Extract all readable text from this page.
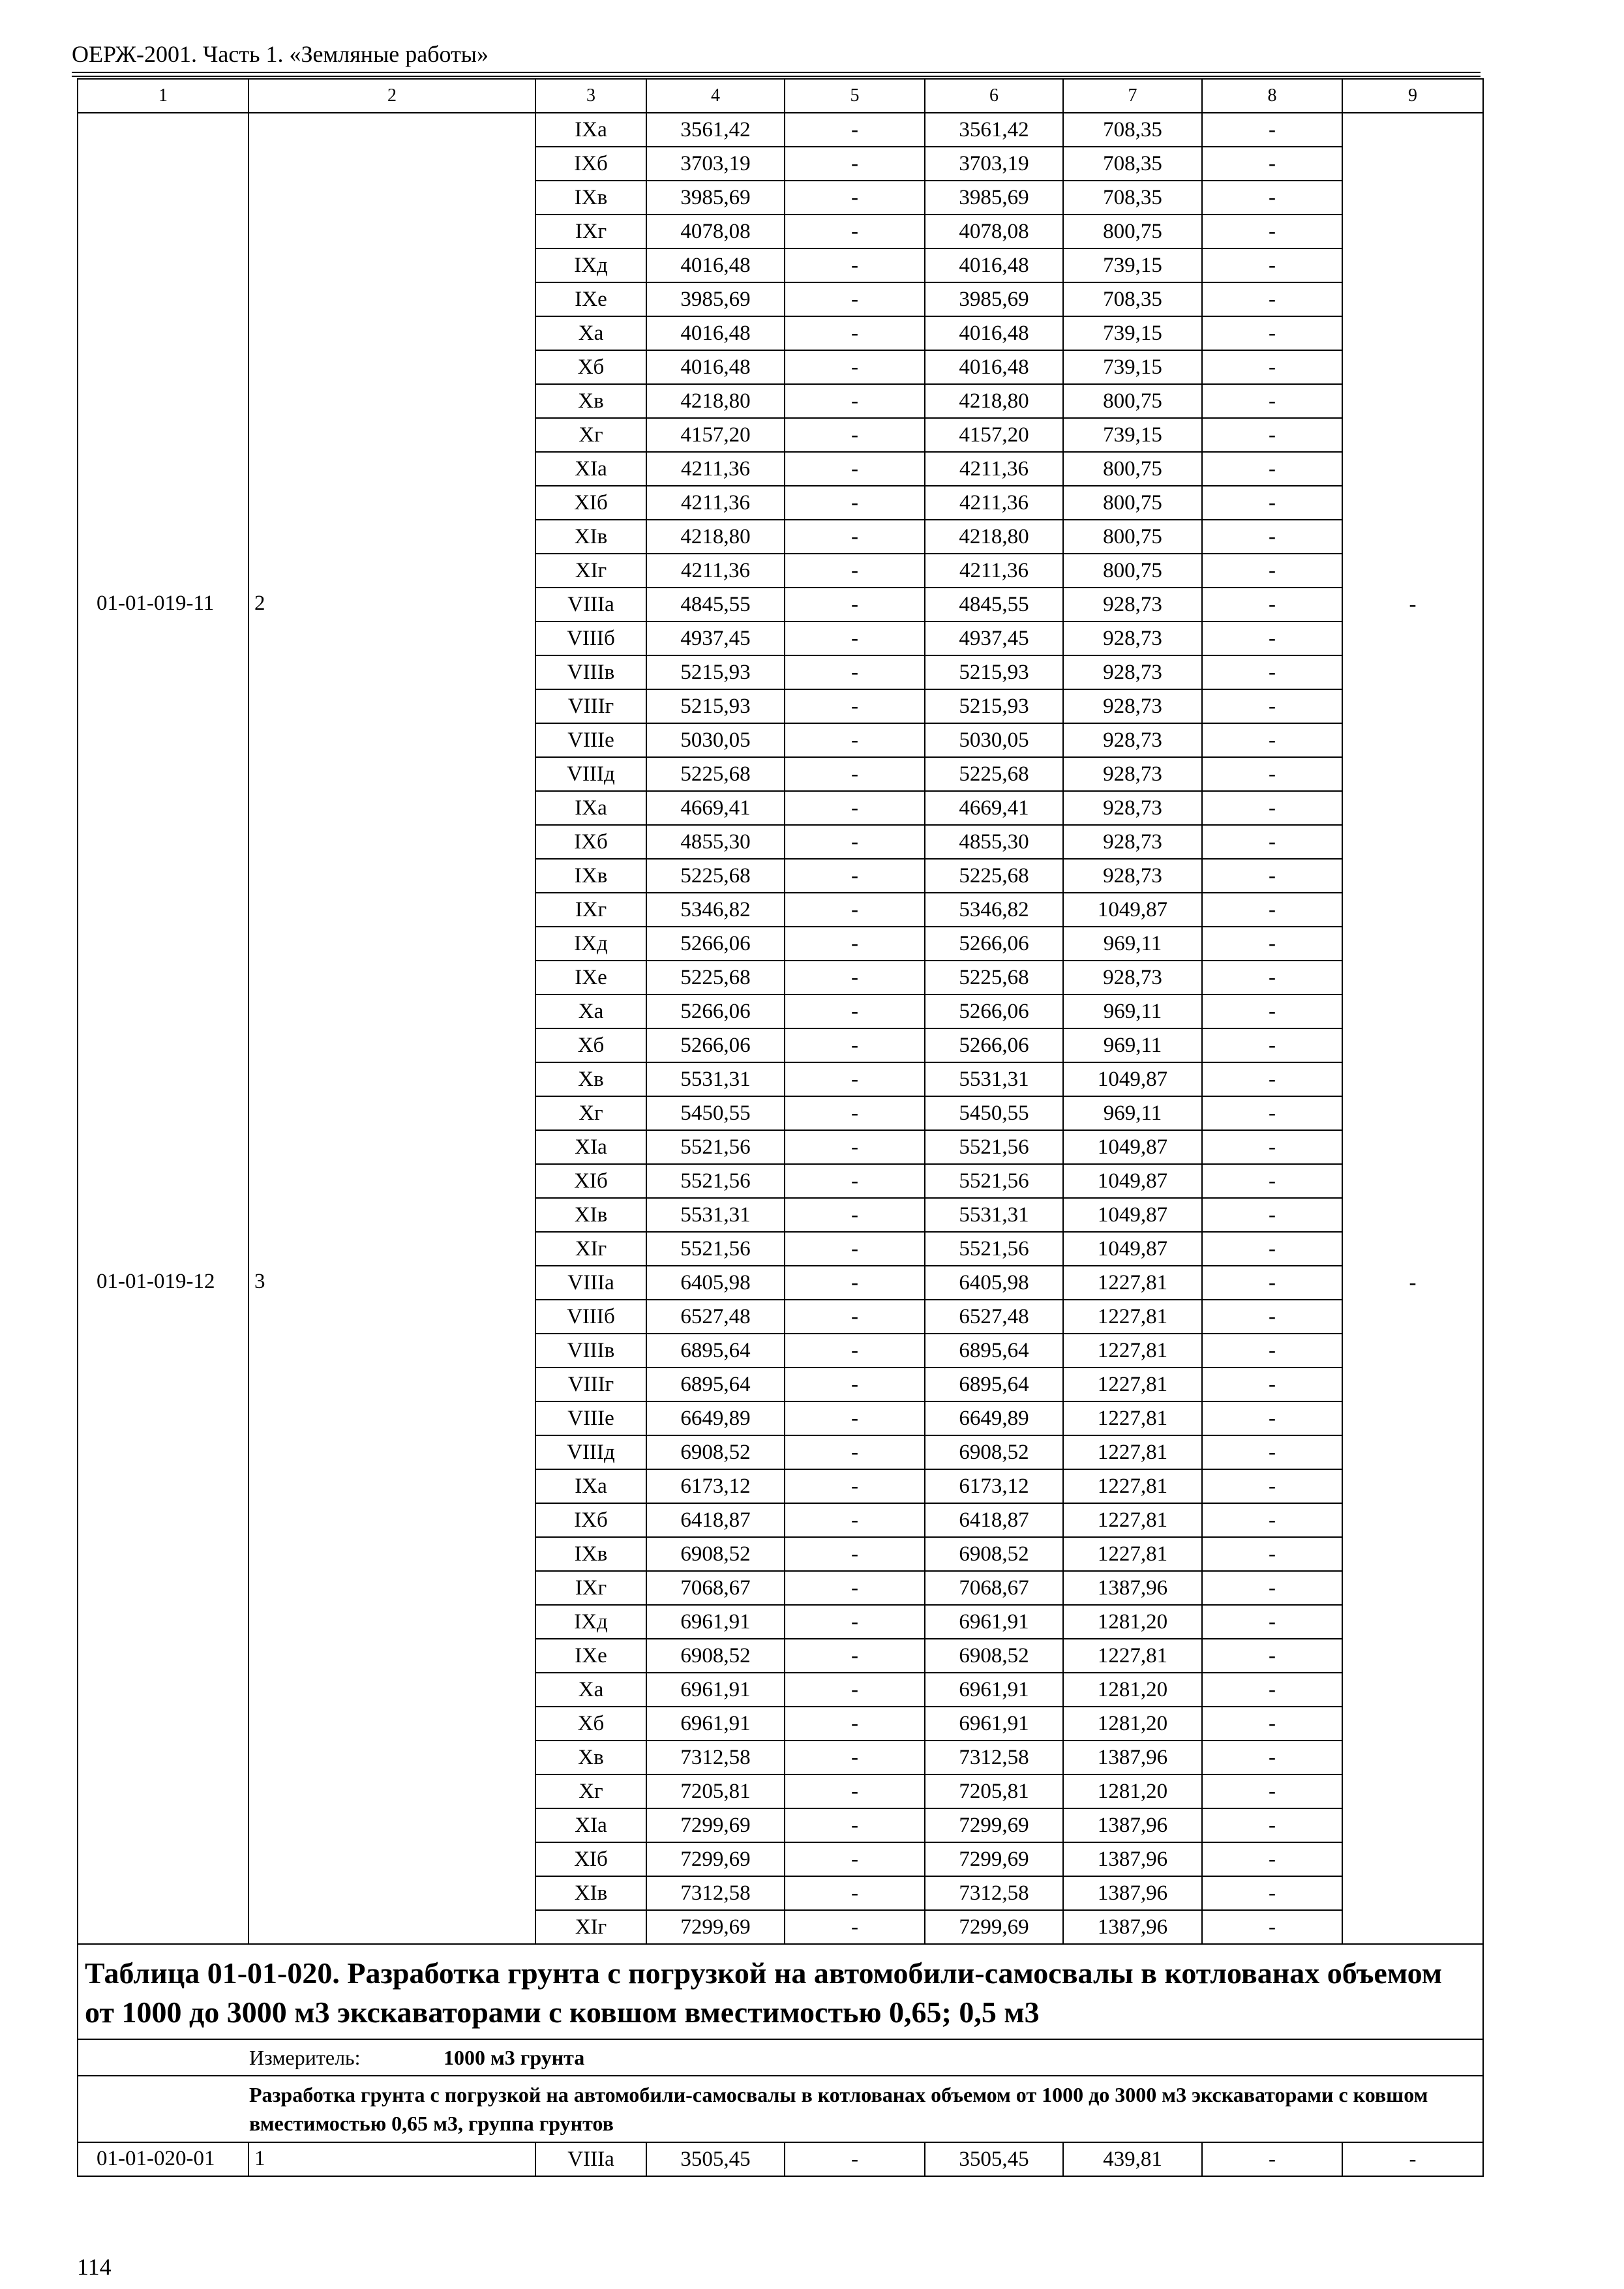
ОЕРЖ-2001. Часть 1. «Земляные работы»
1	2	3	4	5	6	7	8	9
		IXа	3561,42	-	3561,42	708,35	-	
		IXб	3703,19	-	3703,19	708,35	-	
		IXв	3985,69	-	3985,69	708,35	-	
		IXг	4078,08	-	4078,08	800,75	-	
		IXд	4016,48	-	4016,48	739,15	-	
		IXе	3985,69	-	3985,69	708,35	-	
		Xа	4016,48	-	4016,48	739,15	-	
		Xб	4016,48	-	4016,48	739,15	-	
		Xв	4218,80	-	4218,80	800,75	-	
		Xг	4157,20	-	4157,20	739,15	-	
		XIа	4211,36	-	4211,36	800,75	-	
		XIб	4211,36	-	4211,36	800,75	-	
		XIв	4218,80	-	4218,80	800,75	-	
		XIг	4211,36	-	4211,36	800,75	-	
01-01-019-11	2	VIIIа	4845,55	-	4845,55	928,73	-	-
		VIIIб	4937,45	-	4937,45	928,73	-	
		VIIIв	5215,93	-	5215,93	928,73	-	
		VIIIг	5215,93	-	5215,93	928,73	-	
		VIIIе	5030,05	-	5030,05	928,73	-	
		VIIIд	5225,68	-	5225,68	928,73	-	
		IXа	4669,41	-	4669,41	928,73	-	
		IXб	4855,30	-	4855,30	928,73	-	
		IXв	5225,68	-	5225,68	928,73	-	
		IXг	5346,82	-	5346,82	1049,87	-	
		IXд	5266,06	-	5266,06	969,11	-	
		IXе	5225,68	-	5225,68	928,73	-	
		Xа	5266,06	-	5266,06	969,11	-	
		Xб	5266,06	-	5266,06	969,11	-	
		Xв	5531,31	-	5531,31	1049,87	-	
		Xг	5450,55	-	5450,55	969,11	-	
		XIа	5521,56	-	5521,56	1049,87	-	
		XIб	5521,56	-	5521,56	1049,87	-	
		XIв	5531,31	-	5531,31	1049,87	-	
		XIг	5521,56	-	5521,56	1049,87	-	
01-01-019-12	3	VIIIа	6405,98	-	6405,98	1227,81	-	-
		VIIIб	6527,48	-	6527,48	1227,81	-	
		VIIIв	6895,64	-	6895,64	1227,81	-	
		VIIIг	6895,64	-	6895,64	1227,81	-	
		VIIIе	6649,89	-	6649,89	1227,81	-	
		VIIIд	6908,52	-	6908,52	1227,81	-	
		IXа	6173,12	-	6173,12	1227,81	-	
		IXб	6418,87	-	6418,87	1227,81	-	
		IXв	6908,52	-	6908,52	1227,81	-	
		IXг	7068,67	-	7068,67	1387,96	-	
		IXд	6961,91	-	6961,91	1281,20	-	
		IXе	6908,52	-	6908,52	1227,81	-	
		Xа	6961,91	-	6961,91	1281,20	-	
		Xб	6961,91	-	6961,91	1281,20	-	
		Xв	7312,58	-	7312,58	1387,96	-	
		Xг	7205,81	-	7205,81	1281,20	-	
		XIа	7299,69	-	7299,69	1387,96	-	
		XIб	7299,69	-	7299,69	1387,96	-	
		XIв	7312,58	-	7312,58	1387,96	-	
		XIг	7299,69	-	7299,69	1387,96	-	
Таблица 01-01-020. Разработка грунта с погрузкой на автомобили-самосвалы в котлованах объемом от 1000 до 3000 м3 экскаваторами с ковшом вместимостью 0,65; 0,5 м3								
Измеритель: 1000 м3 грунта								

Разработка грунта с погрузкой на автомобили-самосвалы в котлованах объемом от 1000 до 3000 м3 экскаваторами с ковшом вместимостью 0,65 м3, группа грунтов								

01-01-020-01	1	VIIIа	3505,45	-	3505,45	439,81	-	-
114
